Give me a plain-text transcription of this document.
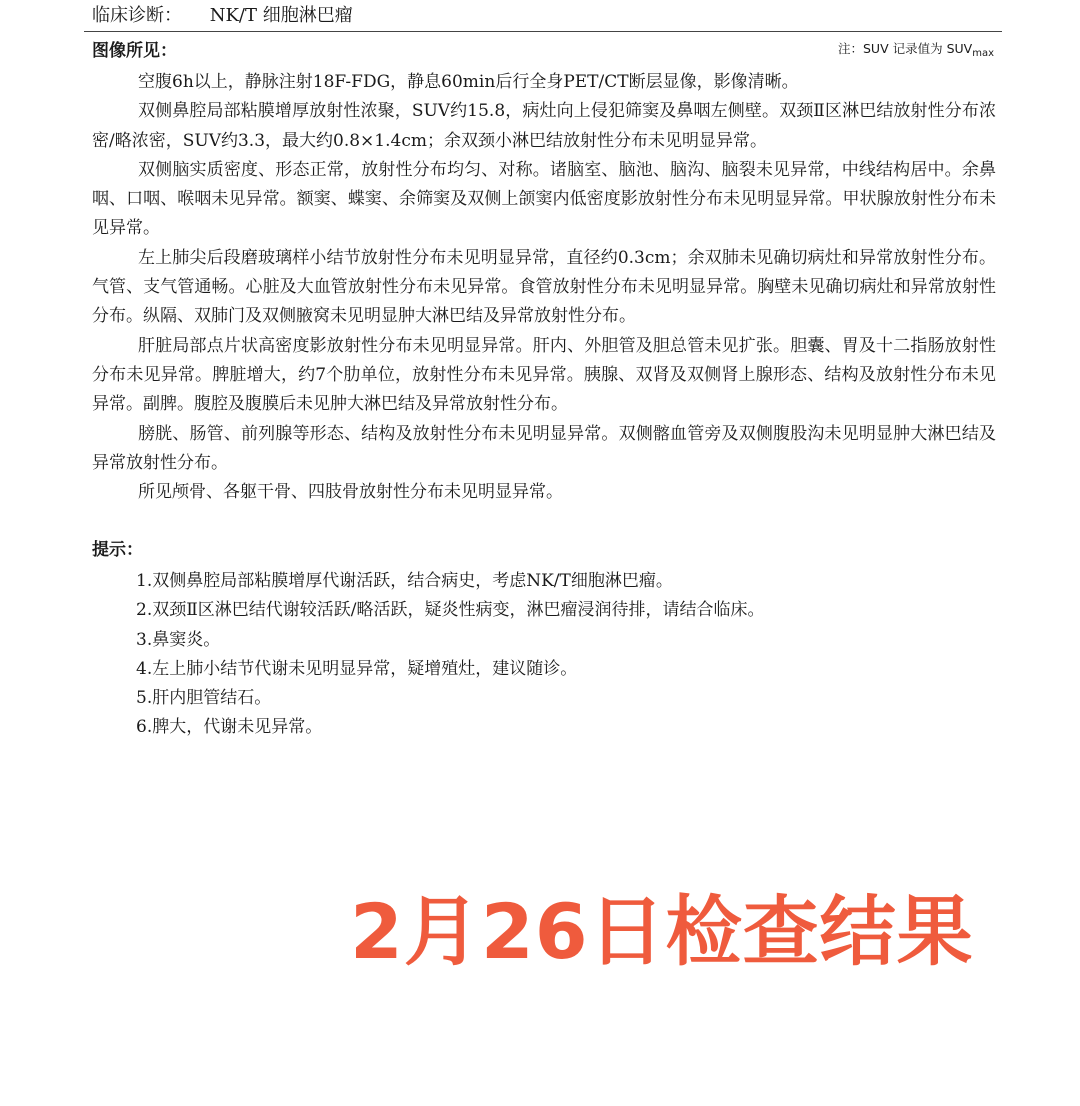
临床诊断： NK/T 细胞淋巴瘤
图像所见：	注：SUV 记录值为 $SUV_{max}$

空腹6h以上，静脉注射18F-FDG，静息60min后行全身PET/CT断层显像，影像清晰。

双侧鼻腔局部粘膜增厚放射性浓聚，SUV约15.8，病灶向上侵犯筛窦及鼻咽左侧壁。双颈Ⅱ区淋巴结放射性分布浓密/略浓密，SUV约3.3，最大约0.8×1.4cm；余双颈小淋巴结放射性分布未见明显异常。

双侧脑实质密度、形态正常，放射性分布均匀、对称。诸脑室、脑池、脑沟、脑裂未见异常，中线结构居中。余鼻咽、口咽、喉咽未见异常。额窦、蝶窦、余筛窦及双侧上颌窦内低密度影放射性分布未见明显异常。甲状腺放射性分布未见异常。

左上肺尖后段磨玻璃样小结节放射性分布未见明显异常，直径约0.3cm；余双肺未见确切病灶和异常放射性分布。气管、支气管通畅。心脏及大血管放射性分布未见异常。食管放射性分布未见明显异常。胸壁未见确切病灶和异常放射性分布。纵隔、双肺门及双侧腋窝未见明显肿大淋巴结及异常放射性分布。

肝脏局部点片状高密度影放射性分布未见明显异常。肝内、外胆管及胆总管未见扩张。胆囊、胃及十二指肠放射性分布未见异常。脾脏增大，约7个肋单位，放射性分布未见异常。胰腺、双肾及双侧肾上腺形态、结构及放射性分布未见异常。副脾。腹腔及腹膜后未见肿大淋巴结及异常放射性分布。

膀胱、肠管、前列腺等形态、结构及放射性分布未见明显异常。双侧髂血管旁及双侧腹股沟未见明显肿大淋巴结及异常放射性分布。

所见颅骨、各躯干骨、四肢骨放射性分布未见明显异常。

提示：
1.双侧鼻腔局部粘膜增厚代谢活跃，结合病史，考虑NK/T细胞淋巴瘤。
2.双颈Ⅱ区淋巴结代谢较活跃/略活跃，疑炎性病变，淋巴瘤浸润待排，请结合临床。
3.鼻窦炎。
4.左上肺小结节代谢未见明显异常，疑增殖灶，建议随诊。
5.肝内胆管结石。
6.脾大，代谢未见异常。
2月26日检查结果
